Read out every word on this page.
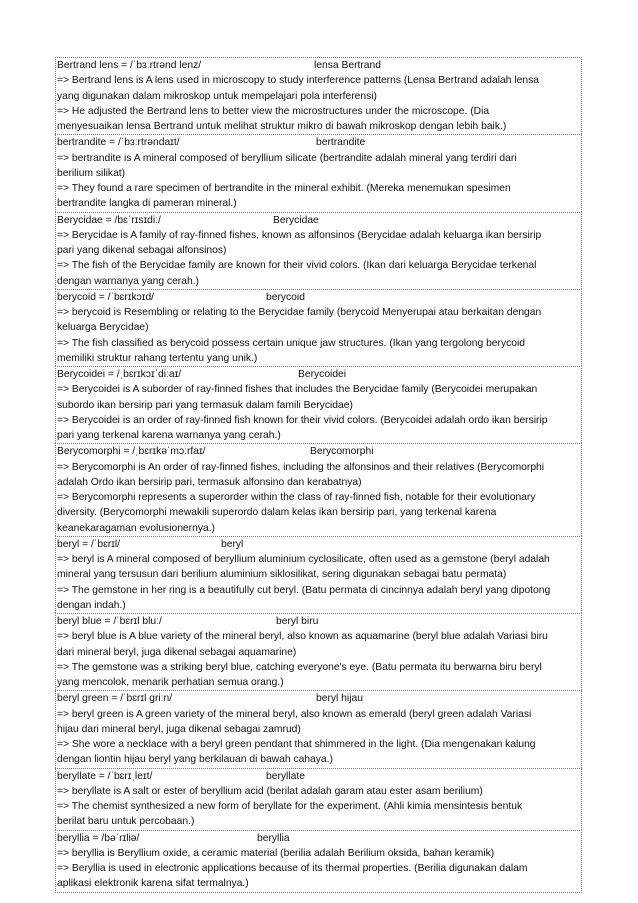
Bertrand lens = /ˈbɜːrtrənd lenz/	lensa Bertrand
=> Bertrand lens is A lens used in microscopy to study interference patterns (Lensa Bertrand adalah lensa
yang digunakan dalam mikroskop untuk mempelajari pola interferensi)
=> He adjusted the Bertrand lens to better view the microstructures under the microscope. (Dia
menyesuaikan lensa Bertrand untuk melihat struktur mikro di bawah mikroskop dengan lebih baik.)
bertrandite = /ˈbɜːrtrəndaɪt/	bertrandite
=> bertrandite is A mineral composed of beryllium silicate (bertrandite adalah mineral yang terdiri dari
berilium silikat)
=> They found a rare specimen of bertrandite in the mineral exhibit. (Mereka menemukan spesimen
bertrandite langka di pameran mineral.)
Berycidae = /bɛˈrɪsɪdiː/	Berycidae
=> Berycidae is A family of ray-finned fishes, known as alfonsinos (Berycidae adalah keluarga ikan bersirip
pari yang dikenal sebagai alfonsinos)
=> The fish of the Berycidae family are known for their vivid colors. (Ikan dari keluarga Berycidae terkenal
dengan warnanya yang cerah.)
berycoid = /ˈbɛrɪkɔɪd/	berycoid
=> berycoid is Resembling or relating to the Berycidae family (berycoid Menyerupai atau berkaitan dengan
keluarga Berycidae)
=> The fish classified as berycoid possess certain unique jaw structures. (Ikan yang tergolong berycoid
memiliki struktur rahang tertentu yang unik.)
Berycoidei = /ˌbɛrɪkɔɪˈdiːaɪ/	Berycoidei
=> Berycoidei is A suborder of ray-finned fishes that includes the Berycidae family (Berycoidei merupakan
subordo ikan bersirip pari yang termasuk dalam famili Berycidae)
=> Berycoidei is an order of ray-finned fish known for their vivid colors. (Berycoidei adalah ordo ikan bersirip
pari yang terkenal karena warnanya yang cerah.)
Berycomorphi = /ˌbɛrɪkəˈmɔːrfaɪ/	Berycomorphi
=> Berycomorphi is An order of ray-finned fishes, including the alfonsinos and their relatives (Berycomorphi
adalah Ordo ikan bersirip pari, termasuk alfonsino dan kerabatnya)
=> Berycomorphi represents a superorder within the class of ray-finned fish, notable for their evolutionary
diversity. (Berycomorphi mewakili superordo dalam kelas ikan bersirip pari, yang terkenal karena
keanekaragaman evolusionernya.)
beryl = /ˈbɛrɪl/	beryl
=> beryl is A mineral composed of beryllium aluminium cyclosilicate, often used as a gemstone (beryl adalah
mineral yang tersusun dari berilium aluminium siklosilikat, sering digunakan sebagai batu permata)
=> The gemstone in her ring is a beautifully cut beryl. (Batu permata di cincinnya adalah beryl yang dipotong
dengan indah.)
beryl blue = /ˈbɛrɪl bluː/	beryl biru
=> beryl blue is A blue variety of the mineral beryl, also known as aquamarine (beryl blue adalah Variasi biru
dari mineral beryl, juga dikenal sebagai aquamarine)
=> The gemstone was a striking beryl blue, catching everyone's eye. (Batu permata itu berwarna biru beryl
yang mencolok, menarik perhatian semua orang.)
beryl green = /ˈbɛrɪl griːn/	beryl hijau
=> beryl green is A green variety of the mineral beryl, also known as emerald (beryl green adalah Variasi
hijau dari mineral beryl, juga dikenal sebagai zamrud)
=> She wore a necklace with a beryl green pendant that shimmered in the light. (Dia mengenakan kalung
dengan liontin hijau beryl yang berkilauan di bawah cahaya.)
beryllate = /ˈbɛrɪˌleɪt/	beryllate
=> beryllate is A salt or ester of beryllium acid (berilat adalah garam atau ester asam berilium)
=> The chemist synthesized a new form of beryllate for the experiment. (Ahli kimia mensintesis bentuk
berilat baru untuk percobaan.)
beryllia = /bəˈrɪliə/	beryllia
=> beryllia is Beryllium oxide, a ceramic material (berilia adalah Berilium oksida, bahan keramik)
=> Beryllia is used in electronic applications because of its thermal properties. (Berilia digunakan dalam
aplikasi elektronik karena sifat termalnya.)
